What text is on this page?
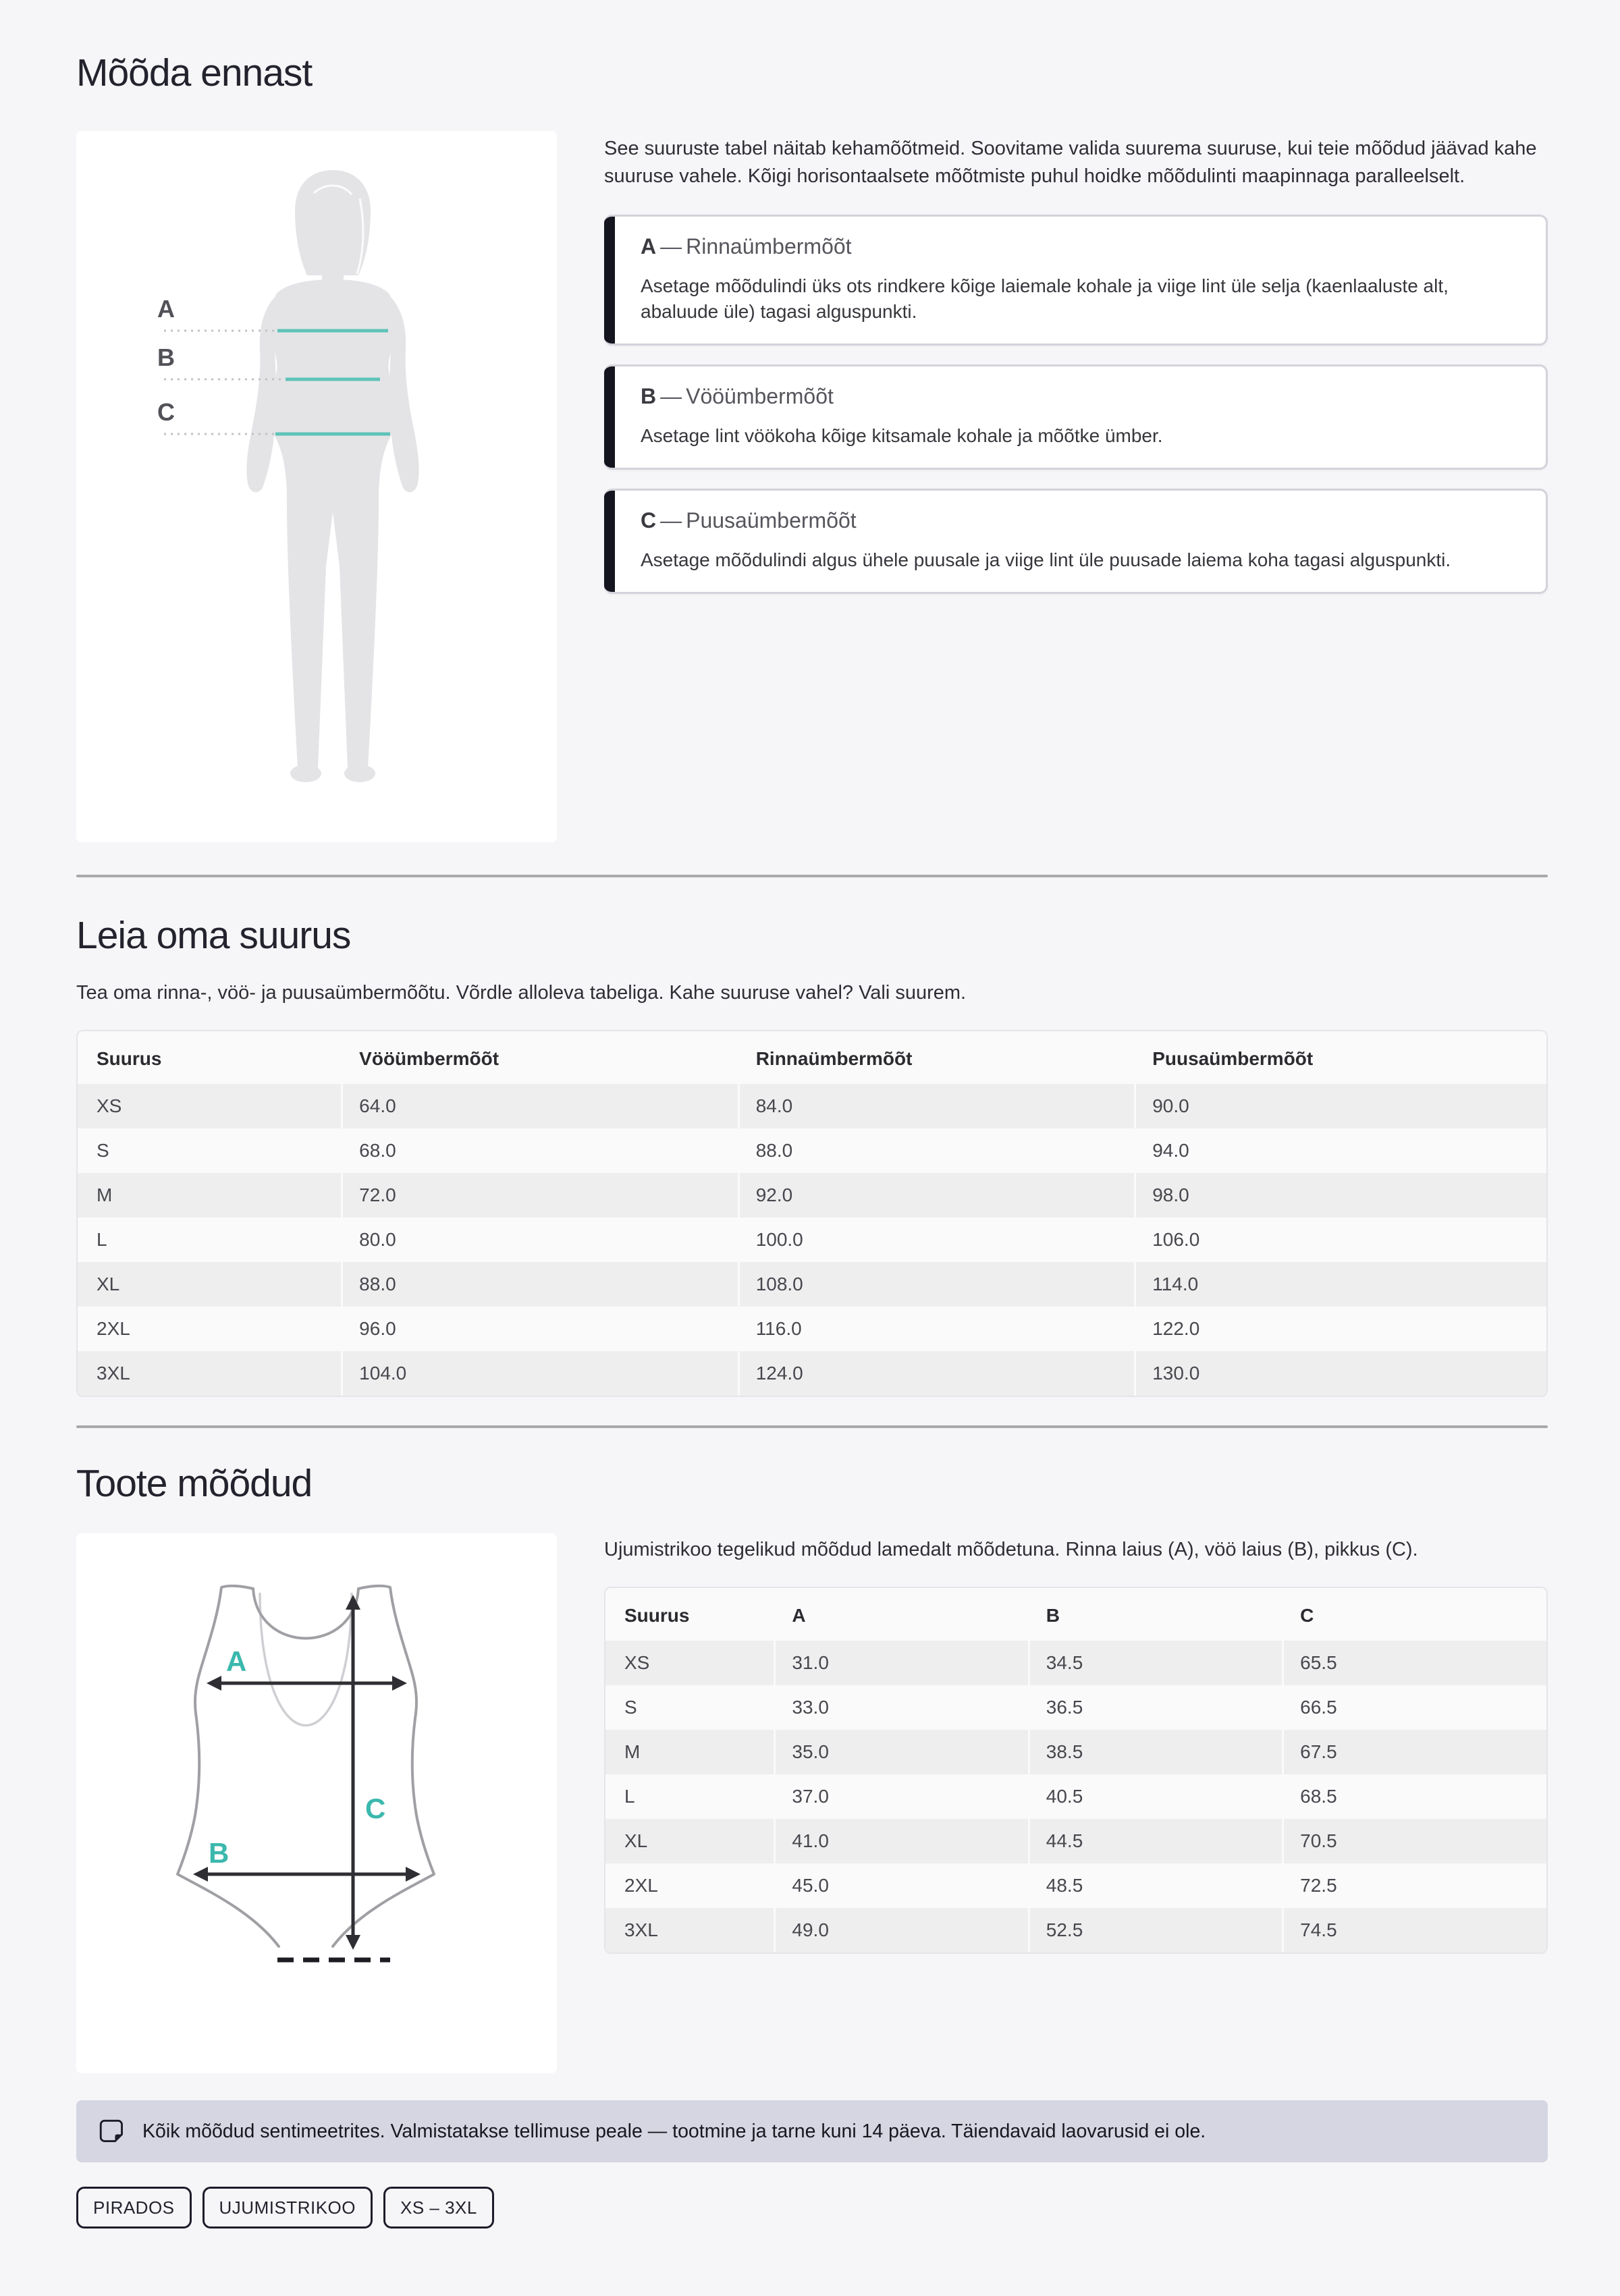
Mõõda ennast
A
B
C

See suuruste tabel näitab kehamõõtmeid. Soovitame valida suurema suuruse, kui teie mõõdud jäävad kahe suuruse vahele. Kõigi horisontaalsete mõõtmiste puhul hoidke mõõdulinti maapinnaga paralleelselt.

A — Rinnaümbermõõt

Asetage mõõdulindi üks ots rindkere kõige laiemale kohale ja viige lint üle selja (kaenlaaluste alt, abaluude üle) tagasi alguspunkti.

B — Vööümbermõõt

Asetage lint vöökoha kõige kitsamale kohale ja mõõtke ümber.

C — Puusaümbermõõt

Asetage mõõdulindi algus ühele puusale ja viige lint üle puusade laiema koha tagasi alguspunkti.

Leia oma suurus

Tea oma rinna-, vöö- ja puusaümbermõõtu. Võrdle alloleva tabeliga. Kahe suuruse vahel? Vali suurem.

Suurus	Vööümbermõõt	Rinnaümbermõõt	Puusaümbermõõt
XS	64.0	84.0	90.0
S	68.0	88.0	94.0
M	72.0	92.0	98.0
L	80.0	100.0	106.0
XL	88.0	108.0	114.0
2XL	96.0	116.0	122.0
3XL	104.0	124.0	130.0
Toote mõõdud
A
B
C

Ujumistrikoo tegelikud mõõdud lamedalt mõõdetuna. Rinna laius (A), vöö laius (B), pikkus (C).

Suurus	A	B	C
XS	31.0	34.5	65.5
S	33.0	36.5	66.5
M	35.0	38.5	67.5
L	37.0	40.5	68.5
XL	41.0	44.5	70.5
2XL	45.0	48.5	72.5
3XL	49.0	52.5	74.5

Kõik mõõdud sentimeetrites. Valmistatakse tellimuse peale — tootmine ja tarne kuni 14 päeva. Täiendavaid laovarusid ei ole.

PIRADOS	UJUMISTRIKOO	XS – 3XL
